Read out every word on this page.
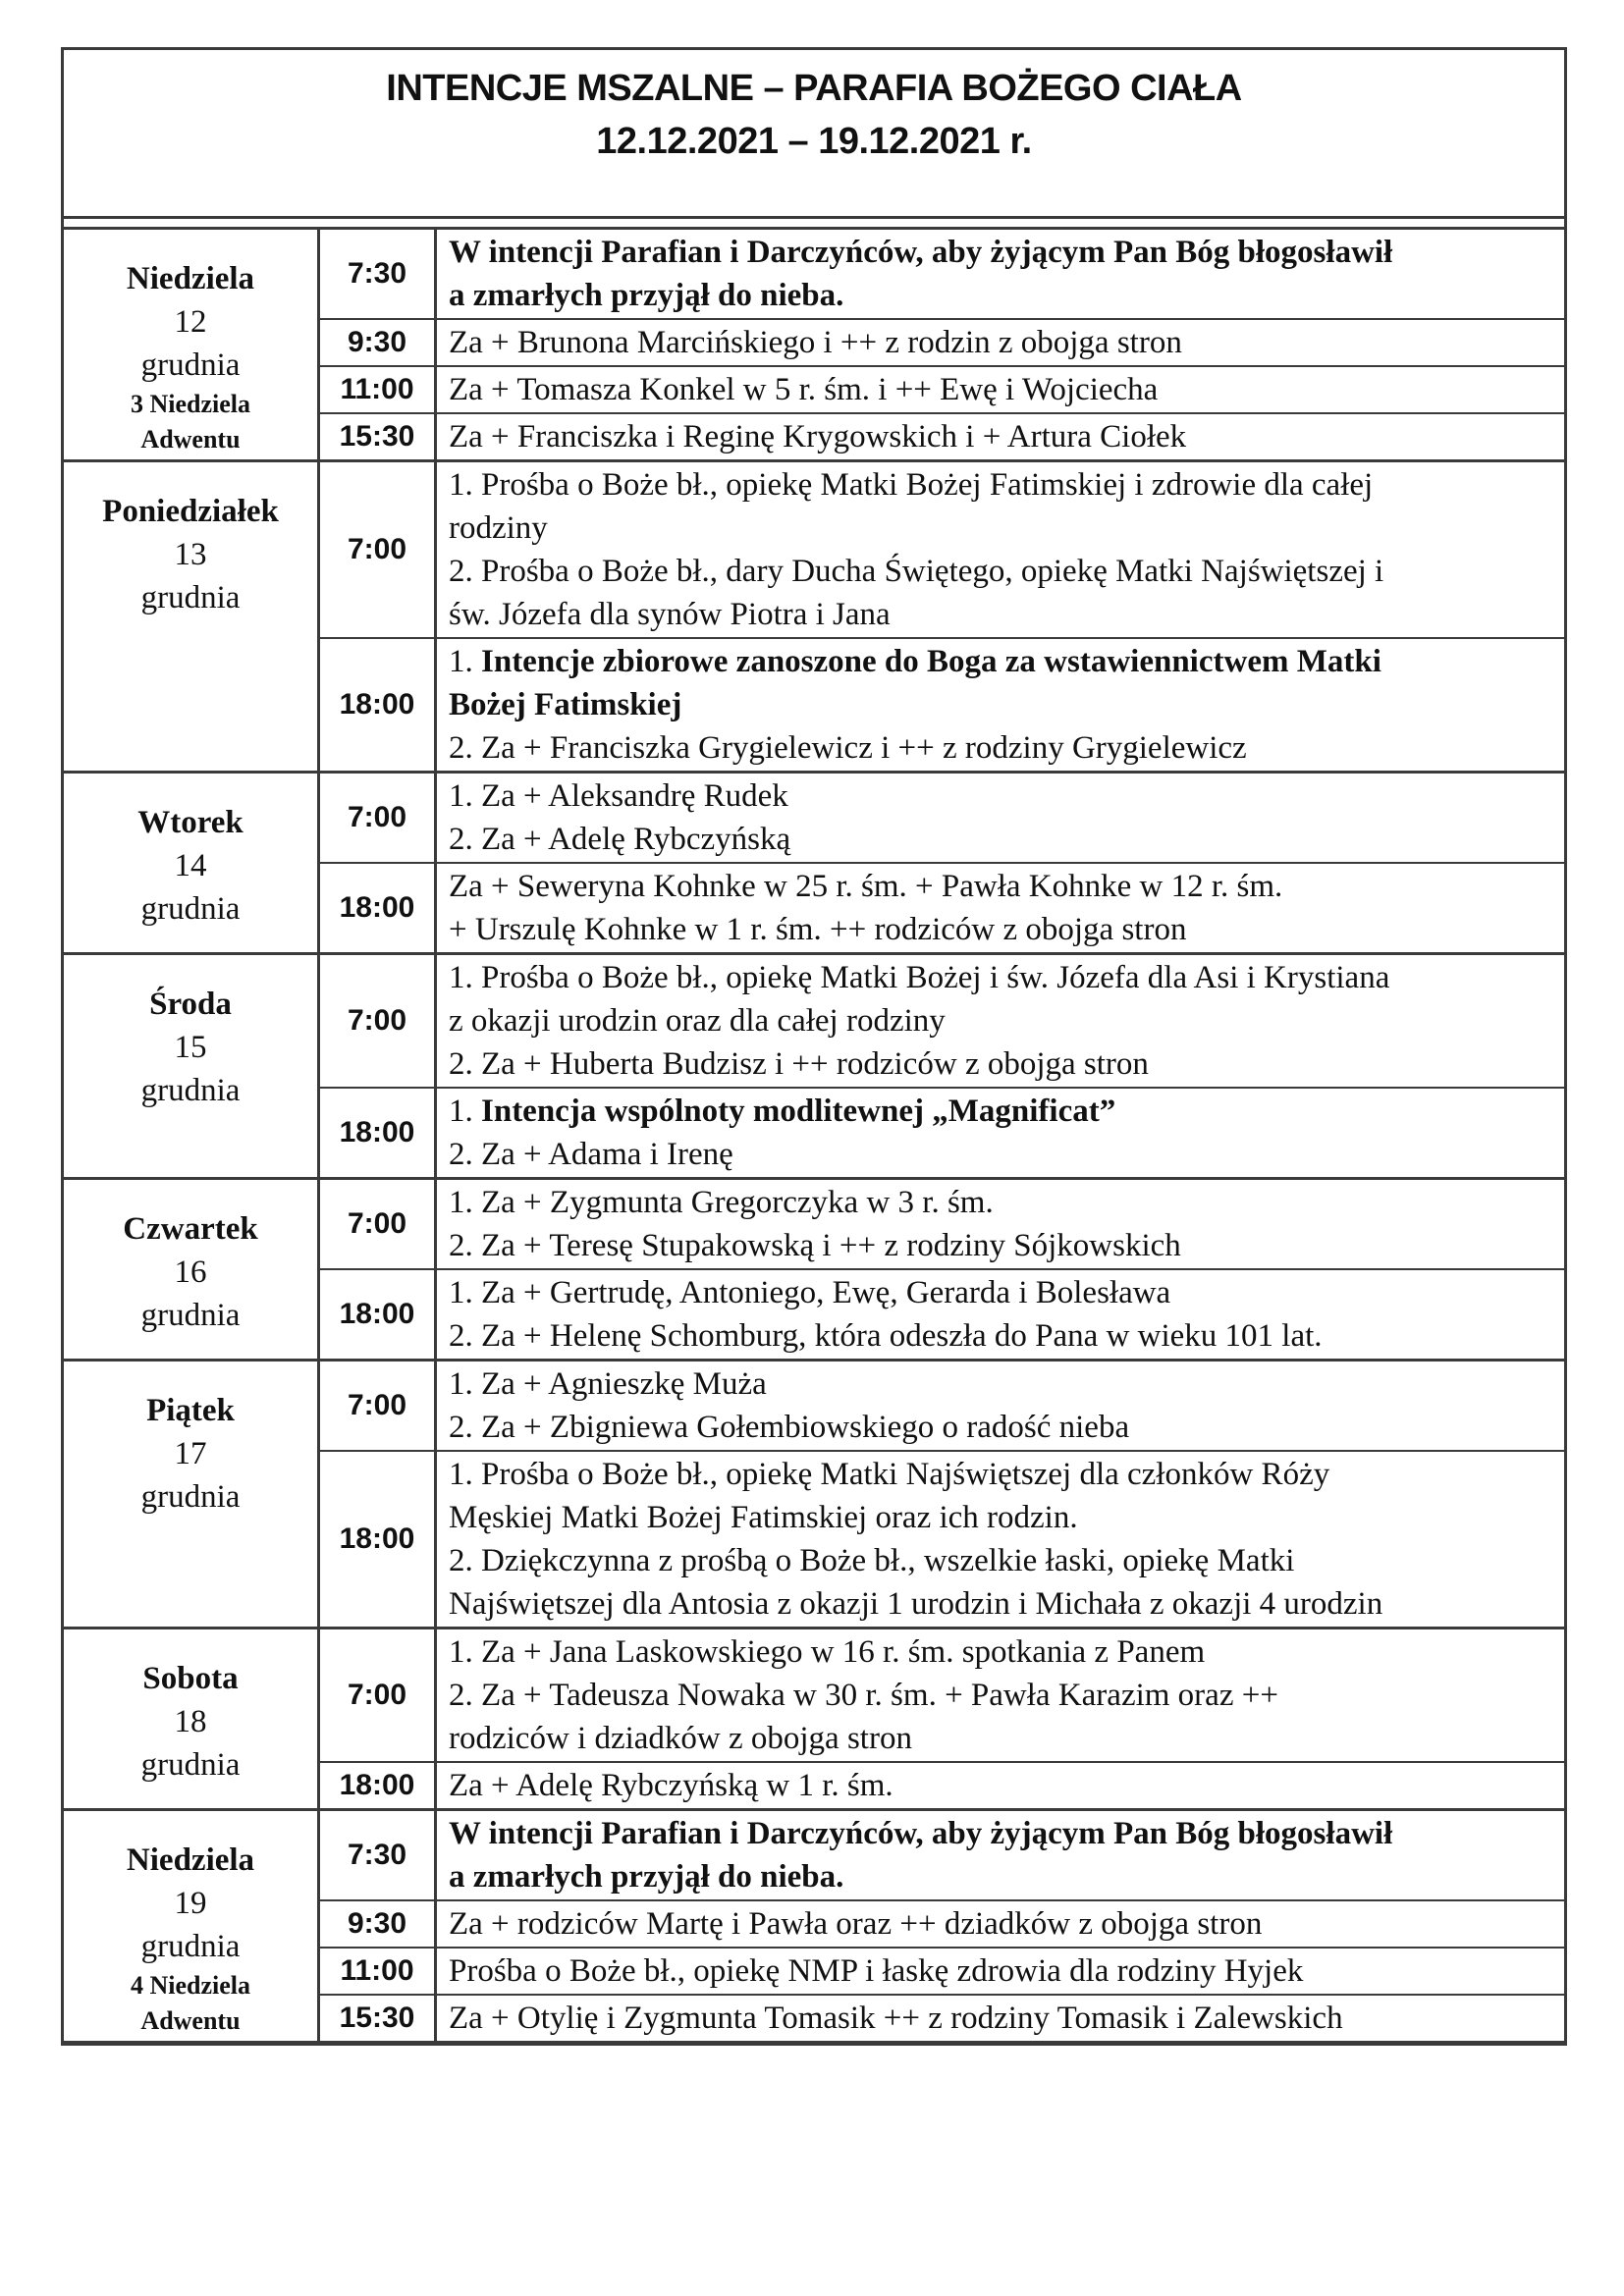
INTENCJE MSZALNE – PARAFIA BOŻEGO CIAŁA
12.12.2021 – 19.12.2021 r.
Niedziela
12
grudnia
3 Niedziela
Adwentu	7:30	W intencji Parafian i Darczyńców, aby żyjącym Pan Bóg błogosławił
a zmarłych przyjął do nieba.

	9:30	Za + Brunona Marcińskiego i ++ z rodzin z obojga stron

	11:00	Za + Tomasza Konkel w 5 r. śm. i ++ Ewę i Wojciecha

	15:30	Za + Franciszka i Reginę Krygowskich i + Artura Ciołek

Poniedziałek
13
grudnia	7:00	1. Prośba o Boże bł., opiekę Matki Bożej Fatimskiej i zdrowie dla całej
rodziny
2. Prośba o Boże bł., dary Ducha Świętego, opiekę Matki Najświętszej i
św. Józefa dla synów Piotra i Jana

	18:00	1. Intencje zbiorowe zanoszone do Boga za wstawiennictwem Matki
Bożej Fatimskiej
2. Za + Franciszka Grygielewicz i ++ z rodziny Grygielewicz

Wtorek
14
grudnia	7:00	1. Za + Aleksandrę Rudek
2. Za + Adelę Rybczyńską

	18:00	Za + Seweryna Kohnke w 25 r. śm. + Pawła Kohnke w 12 r. śm.
+ Urszulę Kohnke w 1 r. śm. ++ rodziców z obojga stron

Środa
15
grudnia	7:00	1. Prośba o Boże bł., opiekę Matki Bożej i św. Józefa dla Asi i Krystiana
z okazji urodzin oraz dla całej rodziny
2. Za + Huberta Budzisz i ++ rodziców z obojga stron

	18:00	1. Intencja wspólnoty modlitewnej „Magnificat”
2. Za + Adama i Irenę

Czwartek
16
grudnia	7:00	1. Za + Zygmunta Gregorczyka w 3 r. śm.
2. Za + Teresę Stupakowską i ++ z rodziny Sójkowskich

	18:00	1. Za + Gertrudę, Antoniego, Ewę, Gerarda i Bolesława
2. Za + Helenę Schomburg, która odeszła do Pana w wieku 101 lat.

Piątek
17
grudnia	7:00	1. Za + Agnieszkę Muża
2. Za + Zbigniewa Gołembiowskiego o radość nieba

	18:00	1. Prośba o Boże bł., opiekę Matki Najświętszej dla członków Róży
Męskiej Matki Bożej Fatimskiej oraz ich rodzin.
2. Dziękczynna z prośbą o Boże bł., wszelkie łaski, opiekę Matki
Najświętszej dla Antosia z okazji 1 urodzin i Michała z okazji 4 urodzin

Sobota
18
grudnia	7:00	1. Za + Jana Laskowskiego w 16 r. śm. spotkania z Panem
2. Za + Tadeusza Nowaka w 30 r. śm. + Pawła Karazim oraz ++
rodziców i dziadków z obojga stron

	18:00	Za + Adelę Rybczyńską w 1 r. śm.

Niedziela
19
grudnia
4 Niedziela
Adwentu	7:30	W intencji Parafian i Darczyńców, aby żyjącym Pan Bóg błogosławił
a zmarłych przyjął do nieba.

	9:30	Za + rodziców Martę i Pawła oraz ++ dziadków z obojga stron

	11:00	Prośba o Boże bł., opiekę NMP i łaskę zdrowia dla rodziny Hyjek

	15:30	Za + Otylię i Zygmunta Tomasik ++ z rodziny Tomasik i Zalewskich
